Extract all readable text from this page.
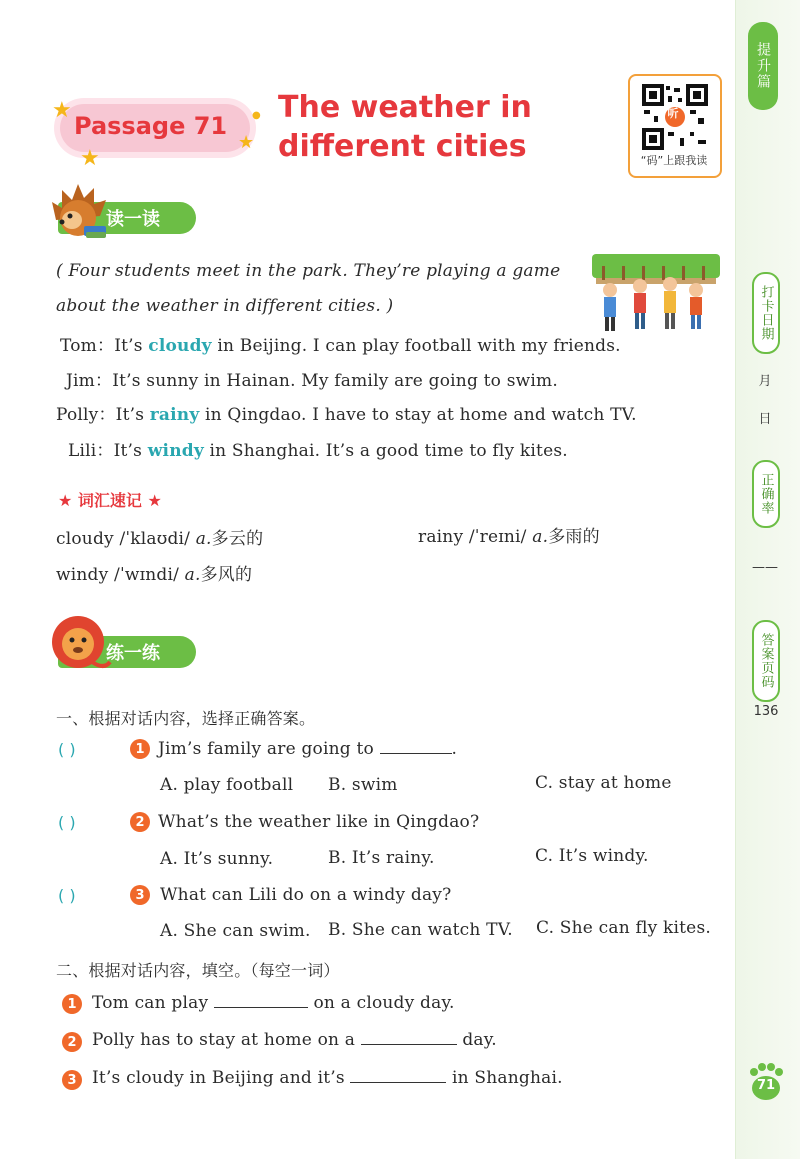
提升篇
打卡日期
月
日
正确率
——
答案页码
136
71
Passage 71
★
★
★
● The weather in
different cities
听
“码”上跟我读
读一读
( Four students meet in the park. They’re playing a game
about the weather in different cities. )
Tom：It’s cloudy in Beijing. I can play football with my friends.
Jim：It’s sunny in Hainan. My family are going to swim.
Polly：It’s rainy in Qingdao. I have to stay at home and watch TV.
Lili：It’s windy in Shanghai. It’s a good time to fly kites.
★ 词汇速记 ★
cloudy /ˈklaʊdi/ a.多云的	rainy /ˈreɪni/ a.多雨的
windy /ˈwɪndi/ a.多风的
练一练
一、根据对话内容，选择正确答案。
( )	1 Jim’s family are going to	.
A. play football B. swim	C. stay at home
( )	2 What’s the weather like in Qingdao?
A. It’s sunny.	B. It’s rainy.	C. It’s windy.
( )	3 What can Lili do on a windy day?
A. She can swim. B. She can watch TV. C. She can fly kites.
二、根据对话内容，填空。（每空一词）
1 Tom can play	on a cloudy day.
2 Polly has to stay at home on a	day.
3 It’s cloudy in Beijing and it’s	in Shanghai.
